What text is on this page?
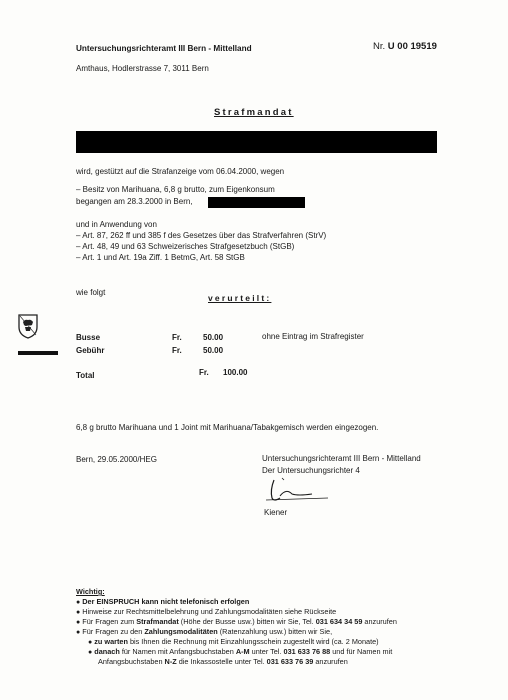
Untersuchungsrichteramt III Bern - Mittelland	Nr. U 00 19519
Amthaus, Hodlerstrasse 7, 3011 Bern
Strafmandat
wird, gestützt auf die Strafanzeige vom 06.04.2000, wegen
– Besitz von Marihuana, 6,8 g brutto, zum Eigenkonsum
begangen am 28.3.2000 in Bern,
und in Anwendung von
– Art. 87, 262 ff und 385 f des Gesetzes über das Strafverfahren (StrV)
– Art. 48, 49 und 63 Schweizerisches Strafgesetzbuch (StGB)
– Art. 1 und Art. 19a Ziff. 1 BetmG, Art. 58 StGB
wie folgt
verurteilt:
Busse	Fr.	50.00	ohne Eintrag im Strafregister
Gebühr	Fr.	50.00
Total	Fr. 100.00
6,8 g brutto Marihuana und 1 Joint mit Marihuana/Tabakgemisch werden eingezogen.
Bern, 29.05.2000/HEG	Untersuchungsrichteramt III Bern - Mittelland
Der Untersuchungsrichter 4
Kiener
Wichtig:
● Der EINSPRUCH kann nicht telefonisch erfolgen
● Hinweise zur Rechtsmittelbelehrung und Zahlungsmodalitäten siehe Rückseite
● Für Fragen zum Strafmandat (Höhe der Busse usw.) bitten wir Sie, Tel. 031 634 34 59 anzurufen
● Für Fragen zu den Zahlungsmodalitäten (Ratenzahlung usw.) bitten wir Sie,
● zu warten bis Ihnen die Rechnung mit Einzahlungsschein zugestellt wird (ca. 2 Monate)
● danach für Namen mit Anfangsbuchstaben A-M unter Tel. 031 633 76 88 und für Namen mit
Anfangsbuchstaben N-Z die Inkassostelle unter Tel. 031 633 76 39 anzurufen
